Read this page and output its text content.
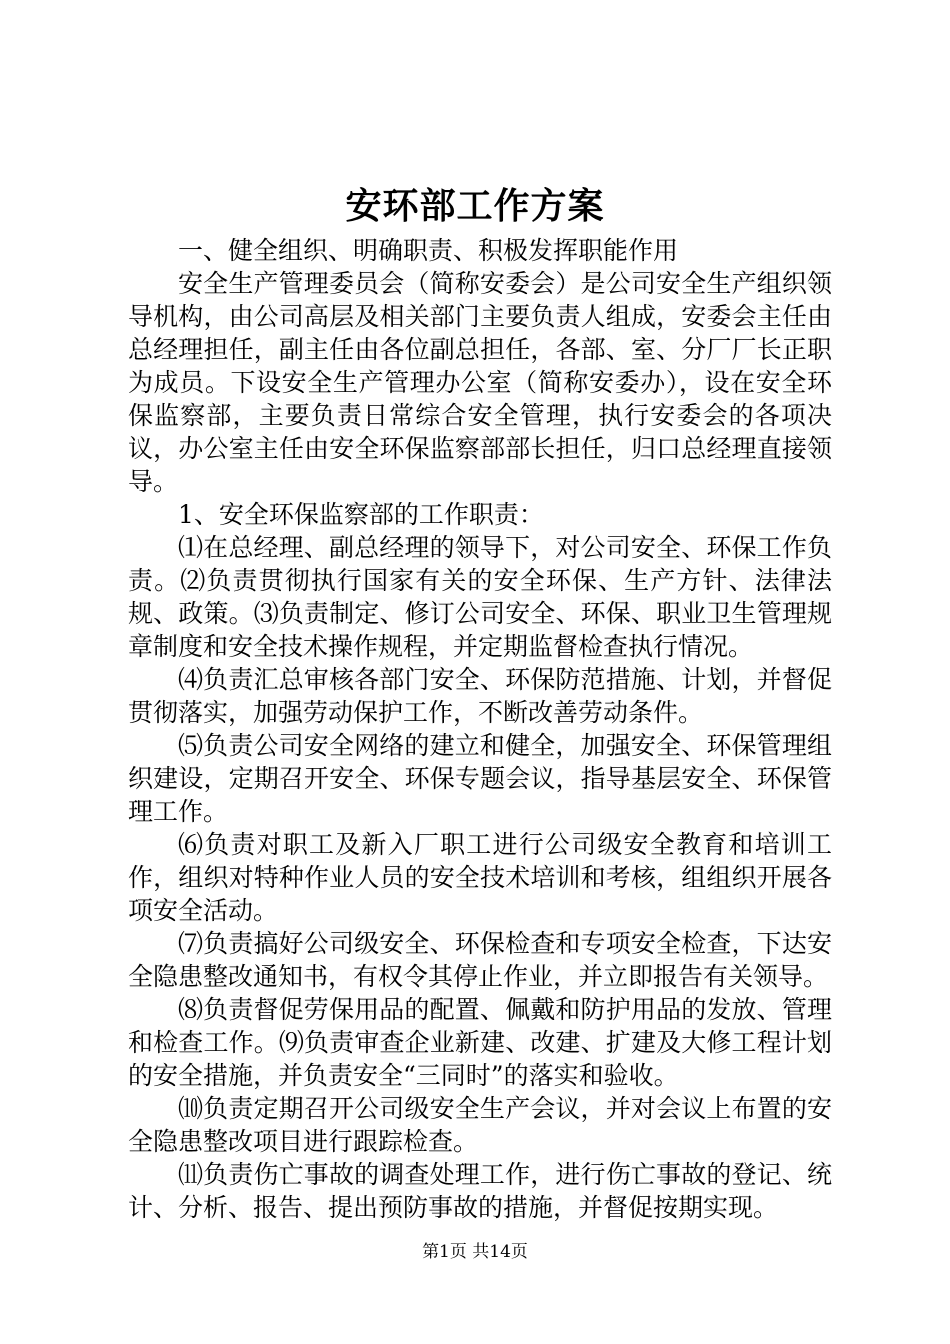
安环部工作方案

一、健全组织、明确职责、积极发挥职能作用

安全生产管理委员会（简称安委会）是公司安全生产组织领导机构，由公司高层及相关部门主要负责人组成，安委会主任由总经理担任，副主任由各位副总担任，各部、室、分厂厂长正职为成员。下设安全生产管理办公室（简称安委办），设在安全环保监察部，主要负责日常综合安全管理，执行安委会的各项决议，办公室主任由安全环保监察部部长担任，归口总经理直接领导。

1、安全环保监察部的工作职责：

⑴在总经理、副总经理的领导下，对公司安全、环保工作负责。⑵负责贯彻执行国家有关的安全环保、生产方针、法律法规、政策。⑶负责制定、修订公司安全、环保、职业卫生管理规章制度和安全技术操作规程，并定期监督检查执行情况。

⑷负责汇总审核各部门安全、环保防范措施、计划，并督促贯彻落实，加强劳动保护工作，不断改善劳动条件。

⑸负责公司安全网络的建立和健全，加强安全、环保管理组织建设，定期召开安全、环保专题会议，指导基层安全、环保管理工作。

⑹负责对职工及新入厂职工进行公司级安全教育和培训工作，组织对特种作业人员的安全技术培训和考核，组组织开展各项安全活动。

⑺负责搞好公司级安全、环保检查和专项安全检查，下达安全隐患整改通知书，有权令其停止作业，并立即报告有关领导。

⑻负责督促劳保用品的配置、佩戴和防护用品的发放、管理和检查工作。⑼负责审查企业新建、改建、扩建及大修工程计划的安全措施，并负责安全“三同时”的落实和验收。

⑽负责定期召开公司级安全生产会议，并对会议上布置的安全隐患整改项目进行跟踪检查。

⑾负责伤亡事故的调查处理工作，进行伤亡事故的登记、统计、分析、报告、提出预防事故的措施，并督促按期实现。

第1页 共14页
